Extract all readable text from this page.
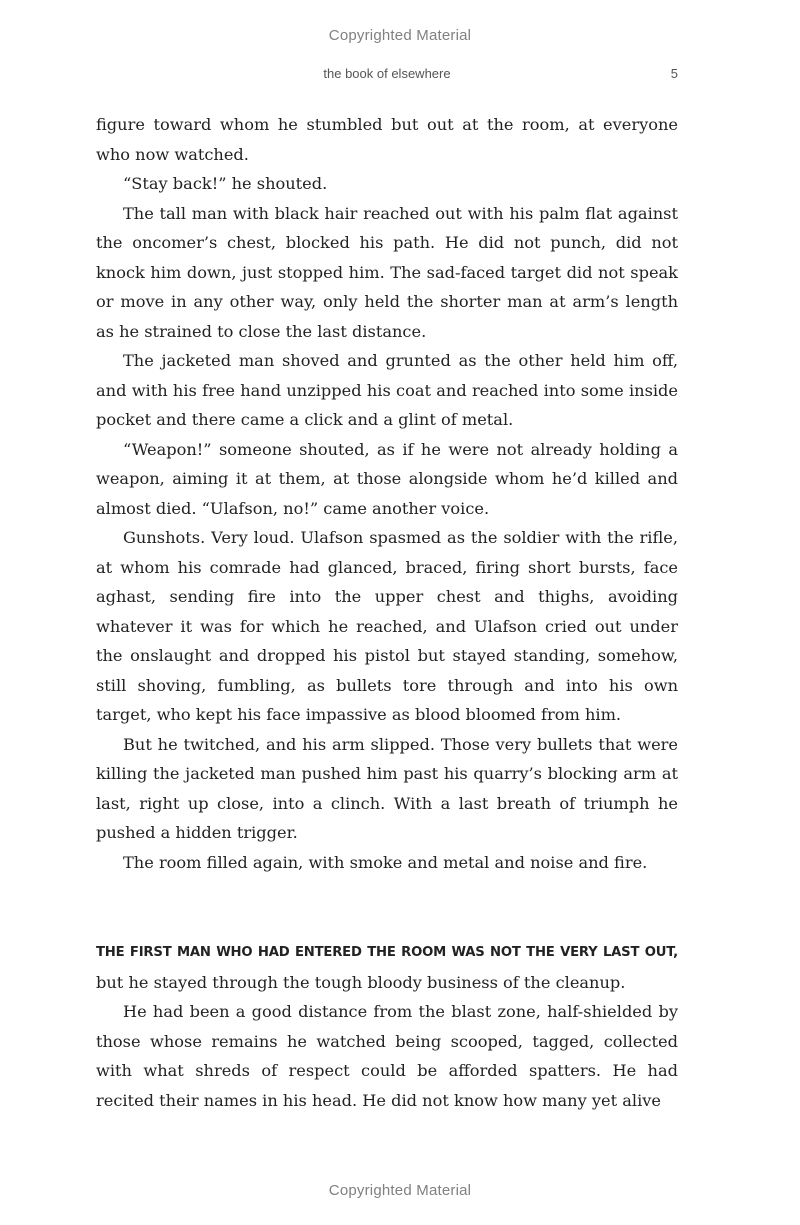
Copyrighted Material
the book of elsewhere	5

figure toward whom he stumbled but out at the room, at everyone who now watched.

“Stay back!” he shouted.

The tall man with black hair reached out with his palm flat against the oncomer’s chest, blocked his path. He did not punch, did not knock him down, just stopped him. The sad-faced target did not speak or move in any other way, only held the shorter man at arm’s length as he strained to close the last distance.

The jacketed man shoved and grunted as the other held him off, and with his free hand unzipped his coat and reached into some inside pocket and there came a click and a glint of metal.

“Weapon!” someone shouted, as if he were not already holding a weapon, aiming it at them, at those alongside whom he’d killed and almost died. “Ulafson, no!” came another voice.

Gunshots. Very loud. Ulafson spasmed as the soldier with the rifle, at whom his comrade had glanced, braced, firing short bursts, face aghast, sending fire into the upper chest and thighs, avoiding whatever it was for which he reached, and Ulafson cried out under the onslaught and dropped his pistol but stayed standing, somehow, still shoving, fumbling, as bullets tore through and into his own target, who kept his face impassive as blood bloomed from him.

But he twitched, and his arm slipped. Those very bullets that were killing the jacketed man pushed him past his quarry’s blocking arm at last, right up close, into a clinch. With a last breath of triumph he pushed a hidden trigger.

The room filled again, with smoke and metal and noise and fire.

THE FIRST MAN WHO HAD ENTERED THE ROOM WAS NOT THE VERY LAST OUT, but he stayed through the tough bloody business of the cleanup.

He had been a good distance from the blast zone, half-shielded by those whose remains he watched being scooped, tagged, collected with what shreds of respect could be afforded spatters. He had recited their names in his head. He did not know how many yet alive

Copyrighted Material
